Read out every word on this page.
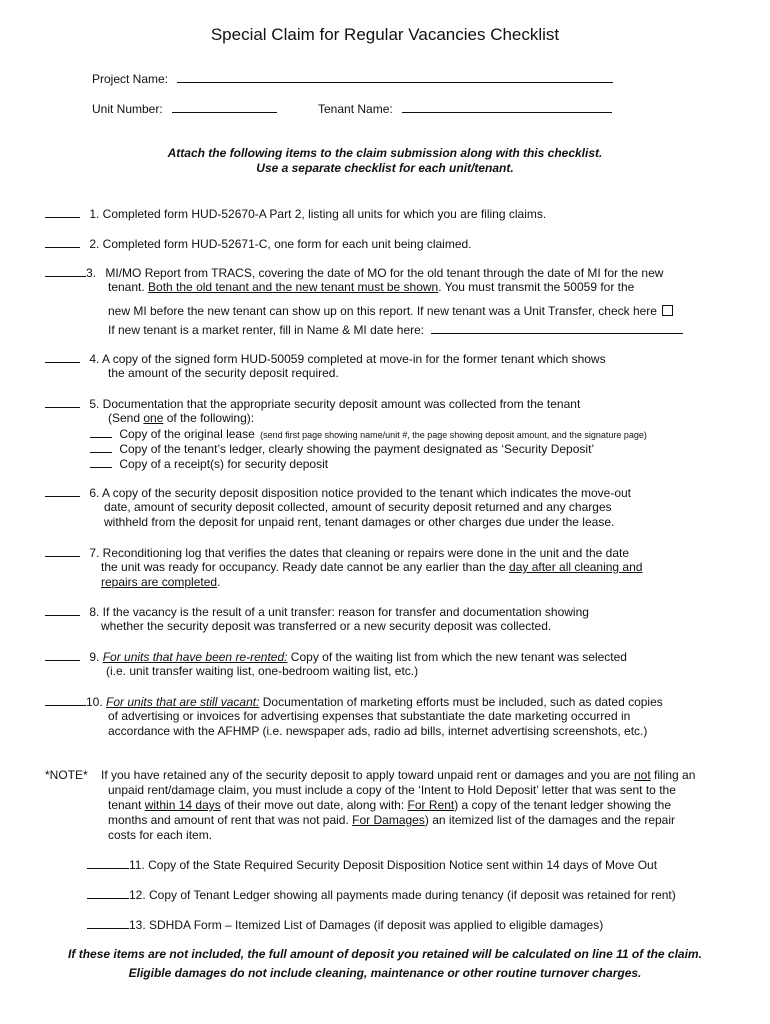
Special Claim for Regular Vacancies Checklist
Project Name:
Unit Number:	Tenant Name:
Attach the following items to the claim submission along with this checklist.
Use a separate checklist for each unit/tenant.
1. Completed form HUD-52670-A Part 2, listing all units for which you are filing claims.
2. Completed form HUD-52671-C, one form for each unit being claimed.
3. MI/MO Report from TRACS, covering the date of MO for the old tenant through the date of MI for the new
tenant. Both the old tenant and the new tenant must be shown. You must transmit the 50059 for the
new MI before the new tenant can show up on this report. If new tenant was a Unit Transfer, check here
If new tenant is a market renter, fill in Name & MI date here:
4. A copy of the signed form HUD-50059 completed at move-in for the former tenant which shows
the amount of the security deposit required.
5. Documentation that the appropriate security deposit amount was collected from the tenant
(Send one of the following):
Copy of the original lease (send first page showing name/unit #, the page showing deposit amount, and the signature page)
Copy of the tenant’s ledger, clearly showing the payment designated as ‘Security Deposit’
Copy of a receipt(s) for security deposit
6. A copy of the security deposit disposition notice provided to the tenant which indicates the move-out
date, amount of security deposit collected, amount of security deposit returned and any charges
withheld from the deposit for unpaid rent, tenant damages or other charges due under the lease.
7. Reconditioning log that verifies the dates that cleaning or repairs were done in the unit and the date
the unit was ready for occupancy. Ready date cannot be any earlier than the day after all cleaning and
repairs are completed.
8. If the vacancy is the result of a unit transfer: reason for transfer and documentation showing
whether the security deposit was transferred or a new security deposit was collected.
9. For units that have been re-rented: Copy of the waiting list from which the new tenant was selected
(i.e. unit transfer waiting list, one-bedroom waiting list, etc.)
10. For units that are still vacant: Documentation of marketing efforts must be included, such as dated copies
of advertising or invoices for advertising expenses that substantiate the date marketing occurred in
accordance with the AFHMP (i.e. newspaper ads, radio ad bills, internet advertising screenshots, etc.)
*NOTE* If you have retained any of the security deposit to apply toward unpaid rent or damages and you are not filing an
unpaid rent/damage claim, you must include a copy of the ‘Intent to Hold Deposit’ letter that was sent to the
tenant within 14 days of their move out date, along with: For Rent) a copy of the tenant ledger showing the
months and amount of rent that was not paid. For Damages) an itemized list of the damages and the repair
costs for each item.
11. Copy of the State Required Security Deposit Disposition Notice sent within 14 days of Move Out
12. Copy of Tenant Ledger showing all payments made during tenancy (if deposit was retained for rent)
13. SDHDA Form – Itemized List of Damages (if deposit was applied to eligible damages)
If these items are not included, the full amount of deposit you retained will be calculated on line 11 of the claim.
Eligible damages do not include cleaning, maintenance or other routine turnover charges.
